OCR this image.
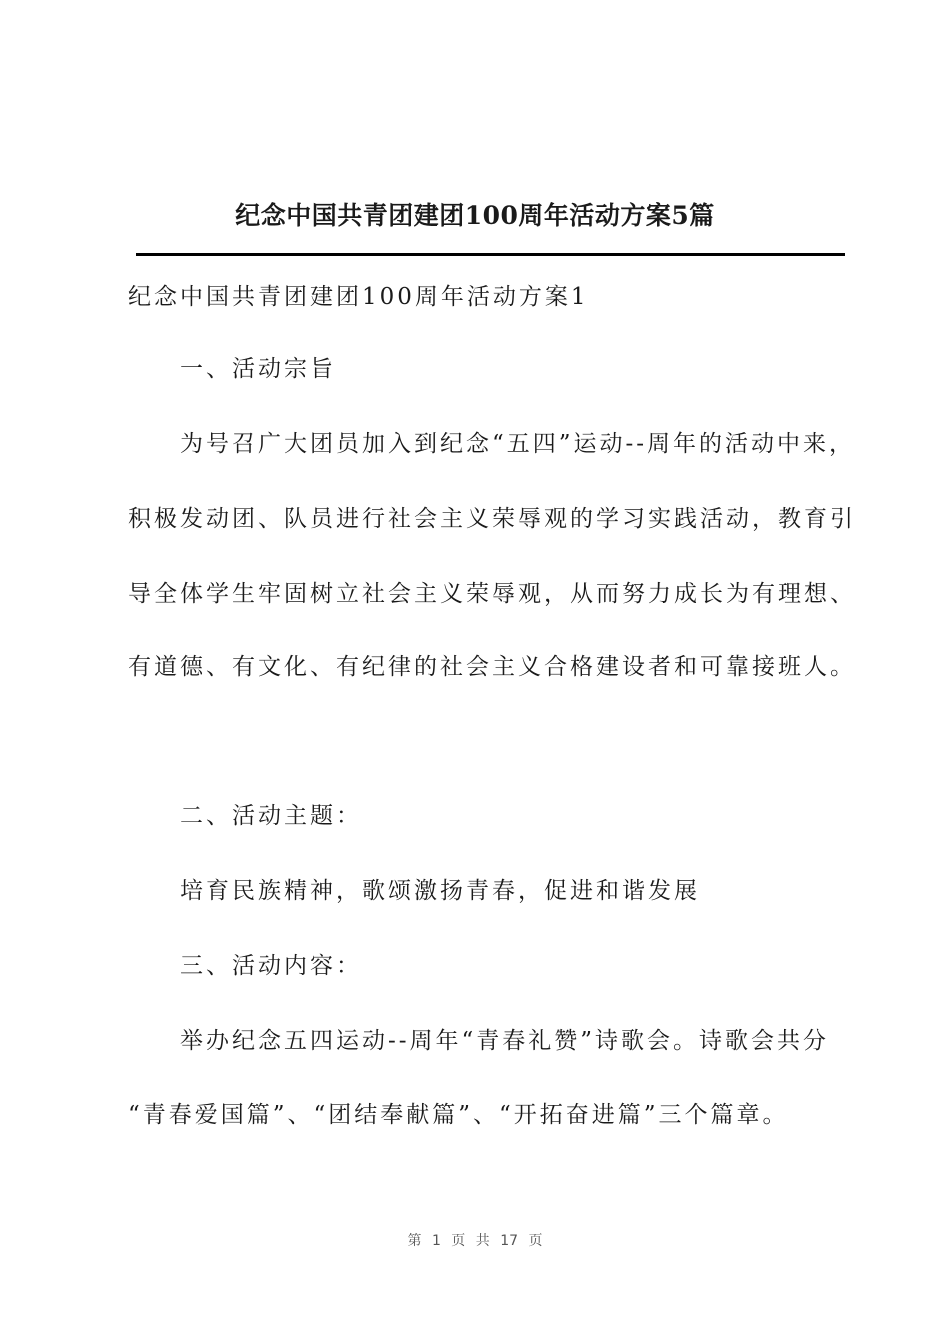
纪念中国共青团建团100周年活动方案5篇
纪念中国共青团建团100周年活动方案1
一、活动宗旨
为号召广大团员加入到纪念“五四”运动--周年的活动中来，
积极发动团、队员进行社会主义荣辱观的学习实践活动，教育引
导全体学生牢固树立社会主义荣辱观，从而努力成长为有理想、
有道德、有文化、有纪律的社会主义合格建设者和可靠接班人。
二、活动主题：
培育民族精神，歌颂激扬青春，促进和谐发展
三、活动内容：
举办纪念五四运动--周年“青春礼赞”诗歌会。诗歌会共分
“青春爱国篇”、“团结奉献篇”、“开拓奋进篇”三个篇章。
第 1 页 共 17 页
